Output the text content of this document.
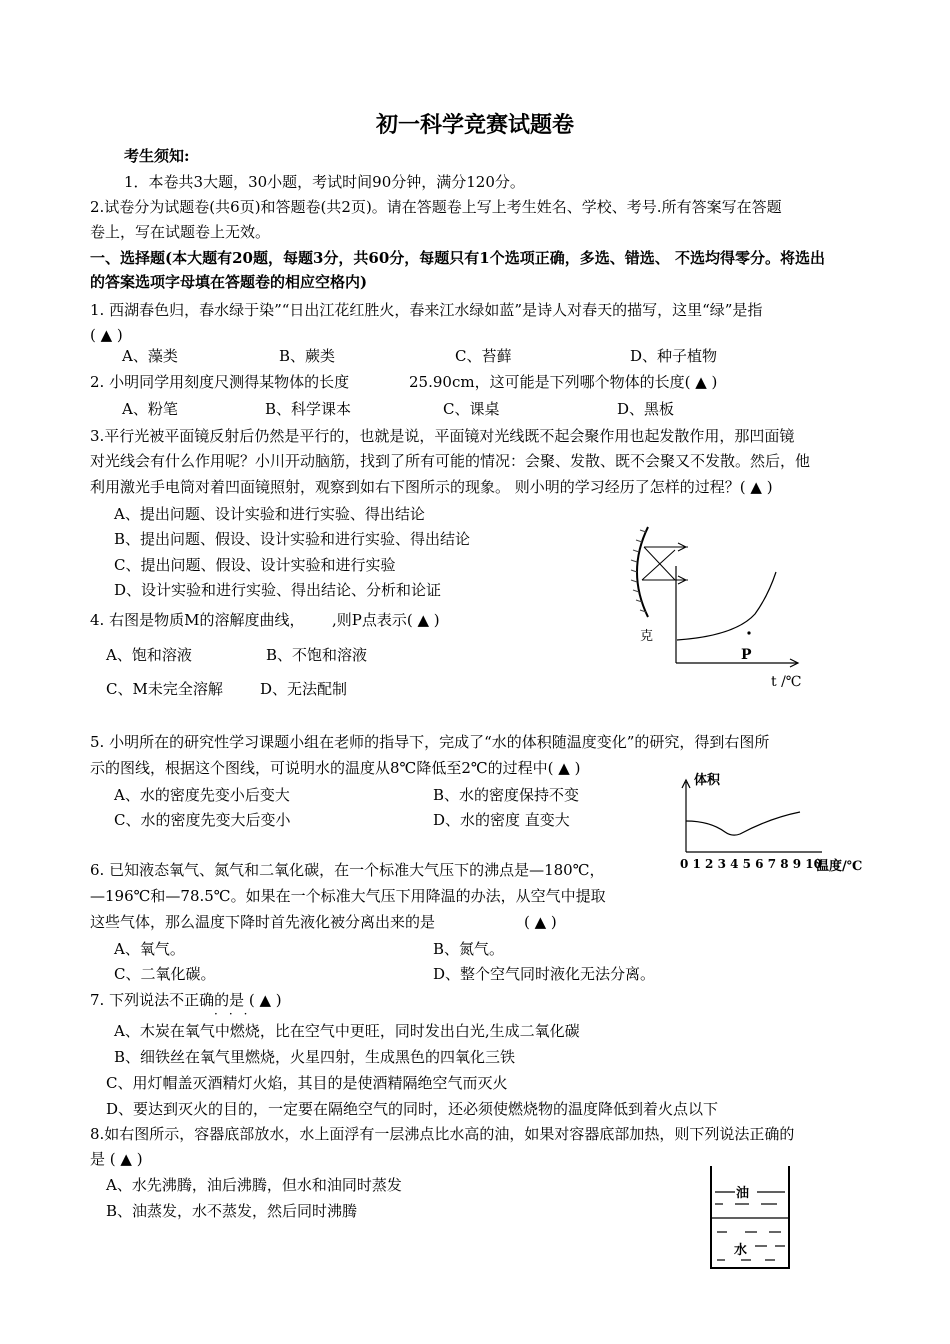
初一科学竞赛试题卷
考生须知:
1．本卷共3大题，30小题，考试时间90分钟，满分120分。
2.试卷分为试题卷(共6页)和答题卷(共2页)。请在答题卷上写上考生姓名、学校、考号.所有答案写在答题
卷上，写在试题卷上无效。
一、选择题(本大题有20题，每题3分，共60分，每题只有1个选项正确，多选、错选、 不选均得零分。将选出
的答案选项字母填在答题卷的相应空格内)
1. 西湖春色归，春水绿于染”“日出江花红胜火，春来江水绿如蓝”是诗人对春天的描写，这里“绿”是指
( ▲ )
A、藻类	B、蕨类	C、苔藓	D、种子植物
2. 小明同学用刻度尺测得某物体的长度	25.90cm，这可能是下列哪个物体的长度( ▲ )
A、粉笔	B、科学课本	C、课桌	D、黑板
3.平行光被平面镜反射后仍然是平行的，也就是说，平面镜对光线既不起会聚作用也起发散作用，那凹面镜
对光线会有什么作用呢？小川开动脑筋，找到了所有可能的情况：会聚、发散、既不会聚又不发散。然后，他
利用激光手电筒对着凹面镜照射，观察到如右下图所示的现象。 则小明的学习经历了怎样的过程？( ▲ )
A、提出问题、设计实验和进行实验、得出结论
B、提出问题、假设、设计实验和进行实验、得出结论
C、提出问题、假设、设计实验和进行实验
D、设计实验和进行实验、得出结论、分析和论证
4. 右图是物质M的溶解度曲线， ,则P点表示( ▲ )
A、饱和溶液	B、不饱和溶液
C、M未完全溶解 D、无法配制
克
P
t /℃
5. 小明所在的研究性学习课题小组在老师的指导下，完成了“水的体积随温度变化”的研究，得到右图所
示的图线，根据这个图线，可说明水的温度从8℃降低至2℃的过程中( ▲ )
A、水的密度先变小后变大	B、水的密度保持不变
C、水的密度先变大后变小	D、水的密度 直变大
体积
0 1 2 3 4 5 6 7 8 9 10
温度/℃
6. 已知液态氧气、氮气和二氧化碳，在一个标准大气压下的沸点是—180℃，
—196℃和—78.5℃。如果在一个标准大气压下用降温的办法，从空气中提取
这些气体，那么温度下降时首先液化被分离出来的是	( ▲ )
A、氧气。	B、氮气。
C、二氧化碳。	D、整个空气同时液化无法分离。
7. 下列说法不正确的是 ( ▲ )
···
A、木炭在氧气中燃烧，比在空气中更旺，同时发出白光,生成二氧化碳
B、细铁丝在氧气里燃烧，火星四射，生成黑色的四氧化三铁
C、用灯帽盖灭酒精灯火焰，其目的是使酒精隔绝空气而灭火
D、要达到灭火的目的，一定要在隔绝空气的同时，还必须使燃烧物的温度降低到着火点以下
8.如右图所示，容器底部放水，水上面浮有一层沸点比水高的油，如果对容器底部加热，则下列说法正确的
是 ( ▲ )
A、水先沸腾，油后沸腾，但水和油同时蒸发
B、油蒸发，水不蒸发，然后同时沸腾
油
水
